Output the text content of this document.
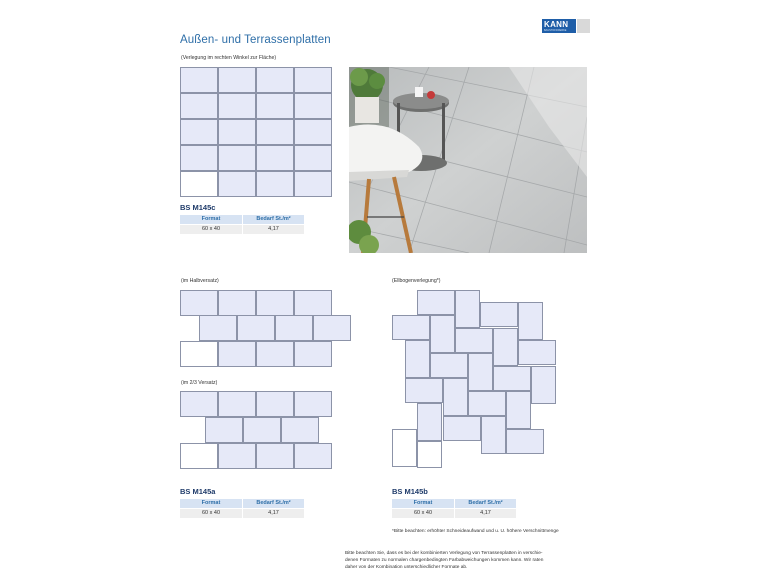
Außen- und Terrassenplatten
KANN
BAUSTOFFWERKE
(Verlegung im rechten Winkel zur Fläche)
BS M145c
Format	Bedarf St./m²
60 x 40	4,17
(im Halbversatz)
(im 2/3 Versatz)
BS M145a
Format	Bedarf St./m²
60 x 40	4,17
(Ellbogenverlegung*)
BS M145b
Format	Bedarf St./m²
60 x 40	4,17
*Bitte beachten: erhöhter Schneideaufwand und u. U. höhere Verschnittmenge
Bitte beachten Sie, dass es bei der kombinierten Verlegung von Terrassenplatten in verschie-
denen Formaten zu normalen chargenbedingten Farbabweichungen kommen kann. Wir raten
daher von der Kombination unterschiedlicher Formate ab.
